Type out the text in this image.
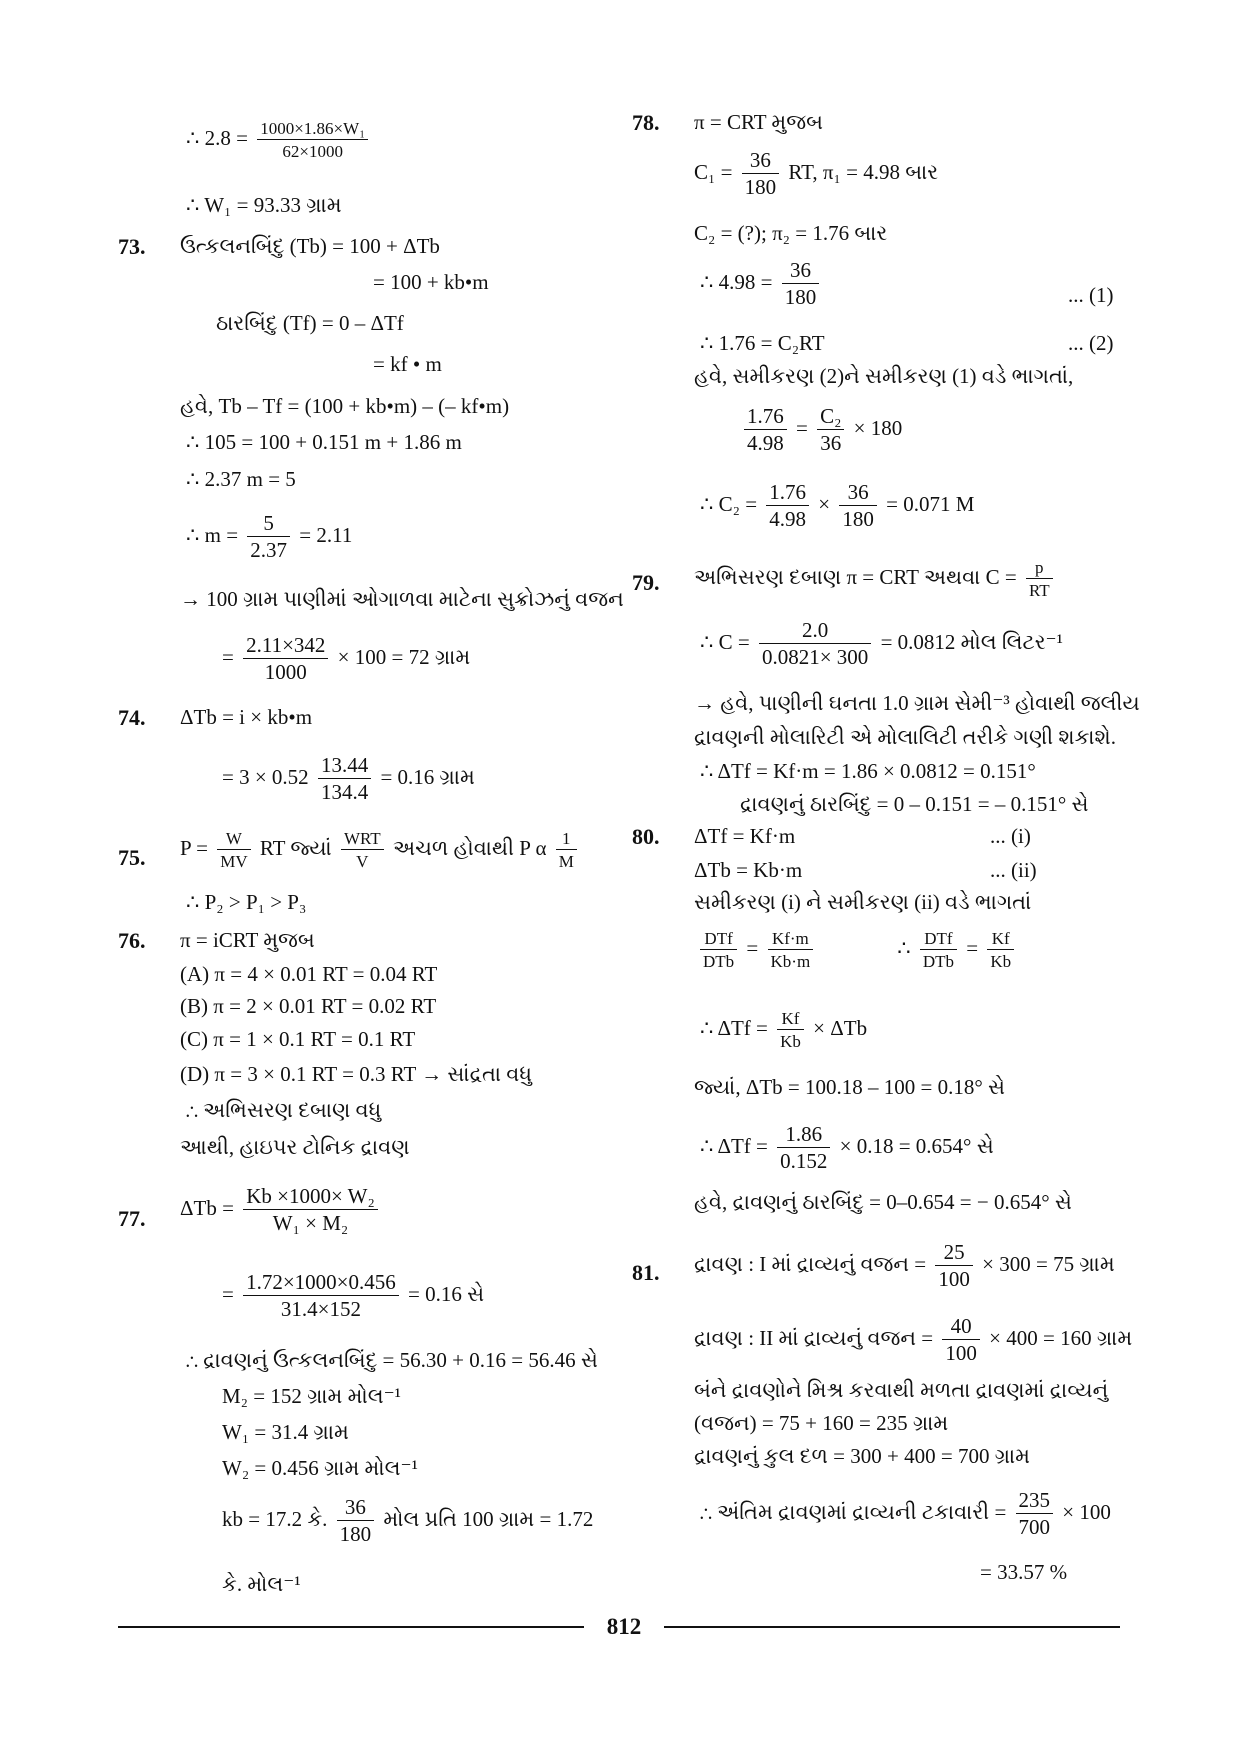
∴ $2.8 = \frac{\text{1000×1.86×W₁}}{62\times 1000}$
∴ W₁ = 93.33 ગ્રામ
73. ઉત્કલનબિંદુ (Tb) = 100 + ΔTb
= 100 + kb•m
ઠારબિંદુ (Tf) = 0 – ΔTf
= kf • m
હવે, Tb – Tf = (100 + kb•m) – (– kf•m)
∴ 105 = 100 + 0.151 m + 1.86 m
∴ 2.37 m = 5
∴ $m = \frac{5}{2.37} = 2.11$
→ 100 ગ્રામ પાણીમાં ઓગાળવા માટેના સુક્રોઝનું વજન
= $\frac{2.11\times 342}{1000} \times 100 = 72$ ગ્રામ
74. ΔTb = i × kb•m
= $3 \times 0.52 \frac{13.44}{134.4} = 0.16$ ગ્રામ
75. $P = \frac{W}{MV}$ RT જ્યાં $\frac{\text{WRT}}{V}$ અચળ હોવાથી P α $\frac{1}{M}$
∴ P₂ > P₁ > P₃
76. π = iCRT મુજબ
(A) π = 4 × 0.01 RT = 0.04 RT
(B) π = 2 × 0.01 RT = 0.02 RT
(C) π = 1 × 0.1 RT = 0.1 RT
(D) π = 3 × 0.1 RT = 0.3 RT → સાંદ્રતા વધુ
∴ અભિસરણ દબાણ વધુ
આથી, હાઇપર ટોનિક દ્રાવણ
77. $\Delta Tb = \frac{\text{Kb ×1000× W₂}}{\text{W₁ × M₂}}$
= $\frac{1.72\times 1000\times 0.456}{31.4\times 152} = 0.16$ સે
∴ દ્રાવણનું ઉત્કલનબિંદુ = 56.30 + 0.16 = 56.46 સે
M₂ = 152 ગ્રામ મોલ⁻¹
W₁ = 31.4 ગ્રામ
W₂ = 0.456 ગ્રામ મોલ⁻¹
kb = 17.2 કે. $\frac{36}{180}$ મોલ પ્રતિ 100 ગ્રામ = 1.72
કે. મોલ⁻¹
78. π = CRT મુજબ
$C_1 = \frac{36}{180}$ RT, π₁ = 4.98 બાર
C₂ = (?); π₂ = 1.76 બાર
∴ $4.98 = \frac{36}{180}$	... (1)
∴ 1.76 = C₂RT	... (2)
હવે, સમીકરણ (2)ને સમીકરણ (1) વડે ભાગતાં,
$\frac{1.76}{4.98} = \frac{\text{C₂}}{36} \times 180$
∴ $C_2 = \frac{1.76}{4.98} \times \frac{36}{180} = 0.071$ M
79. અભિસરણ દબાણ π = CRT અથવા $C = \frac{p}{RT}$
∴ $C = \frac{2.0}{0.0821\times 300} = 0.0812$ મોલ લિટર⁻¹
→ હવે, પાણીની ઘનતા 1.0 ગ્રામ સેમી⁻³ હોવાથી જલીય
દ્રાવણની મોલારિટી એ મોલાલિટી તરીકે ગણી શકાશે.
∴ ΔTf = Kf·m = 1.86 × 0.0812 = 0.151°
દ્રાવણનું ઠારબિંદુ = 0 – 0.151 = – 0.151° સે
80. ΔTf = Kf·m	... (i)
ΔTb = Kb·m	... (ii)
સમીકરણ (i) ને સમીકરણ (ii) વડે ભાગતાં
$\frac{\text{DTf}}{\text{DTb}} = \frac{Kf\cdot m}{Kb\cdot m}$	∴ $\frac{\text{DTf}}{\text{DTb}} = \frac{Kf}{Kb}$
∴ $\Delta Tf = \frac{Kf}{Kb} \times \Delta Tb$
જ્યાં, ΔTb = 100.18 – 100 = 0.18° સે
∴ $\Delta Tf = \frac{1.86}{0.152} \times 0.18 = 0.654^\circ$ સે
હવે, દ્રાવણનું ઠારબિંદુ = 0–0.654 = − 0.654° સે
81. દ્રાવણ : I માં દ્રાવ્યનું વજન = $\frac{25}{100} \times 300 = 75$ ગ્રામ
દ્રાવણ : II માં દ્રાવ્યનું વજન = $\frac{40}{100} \times 400 = 160$ ગ્રામ
બંને દ્રાવણોને મિશ્ર કરવાથી મળતા દ્રાવણમાં દ્રાવ્યનું
(વજન) = 75 + 160 = 235 ગ્રામ
દ્રાવણનું કુલ દળ = 300 + 400 = 700 ગ્રામ
∴ અંતિમ દ્રાવણમાં દ્રાવ્યની ટકાવારી = $\frac{235}{700} \times 100$
= 33.57 %
812
